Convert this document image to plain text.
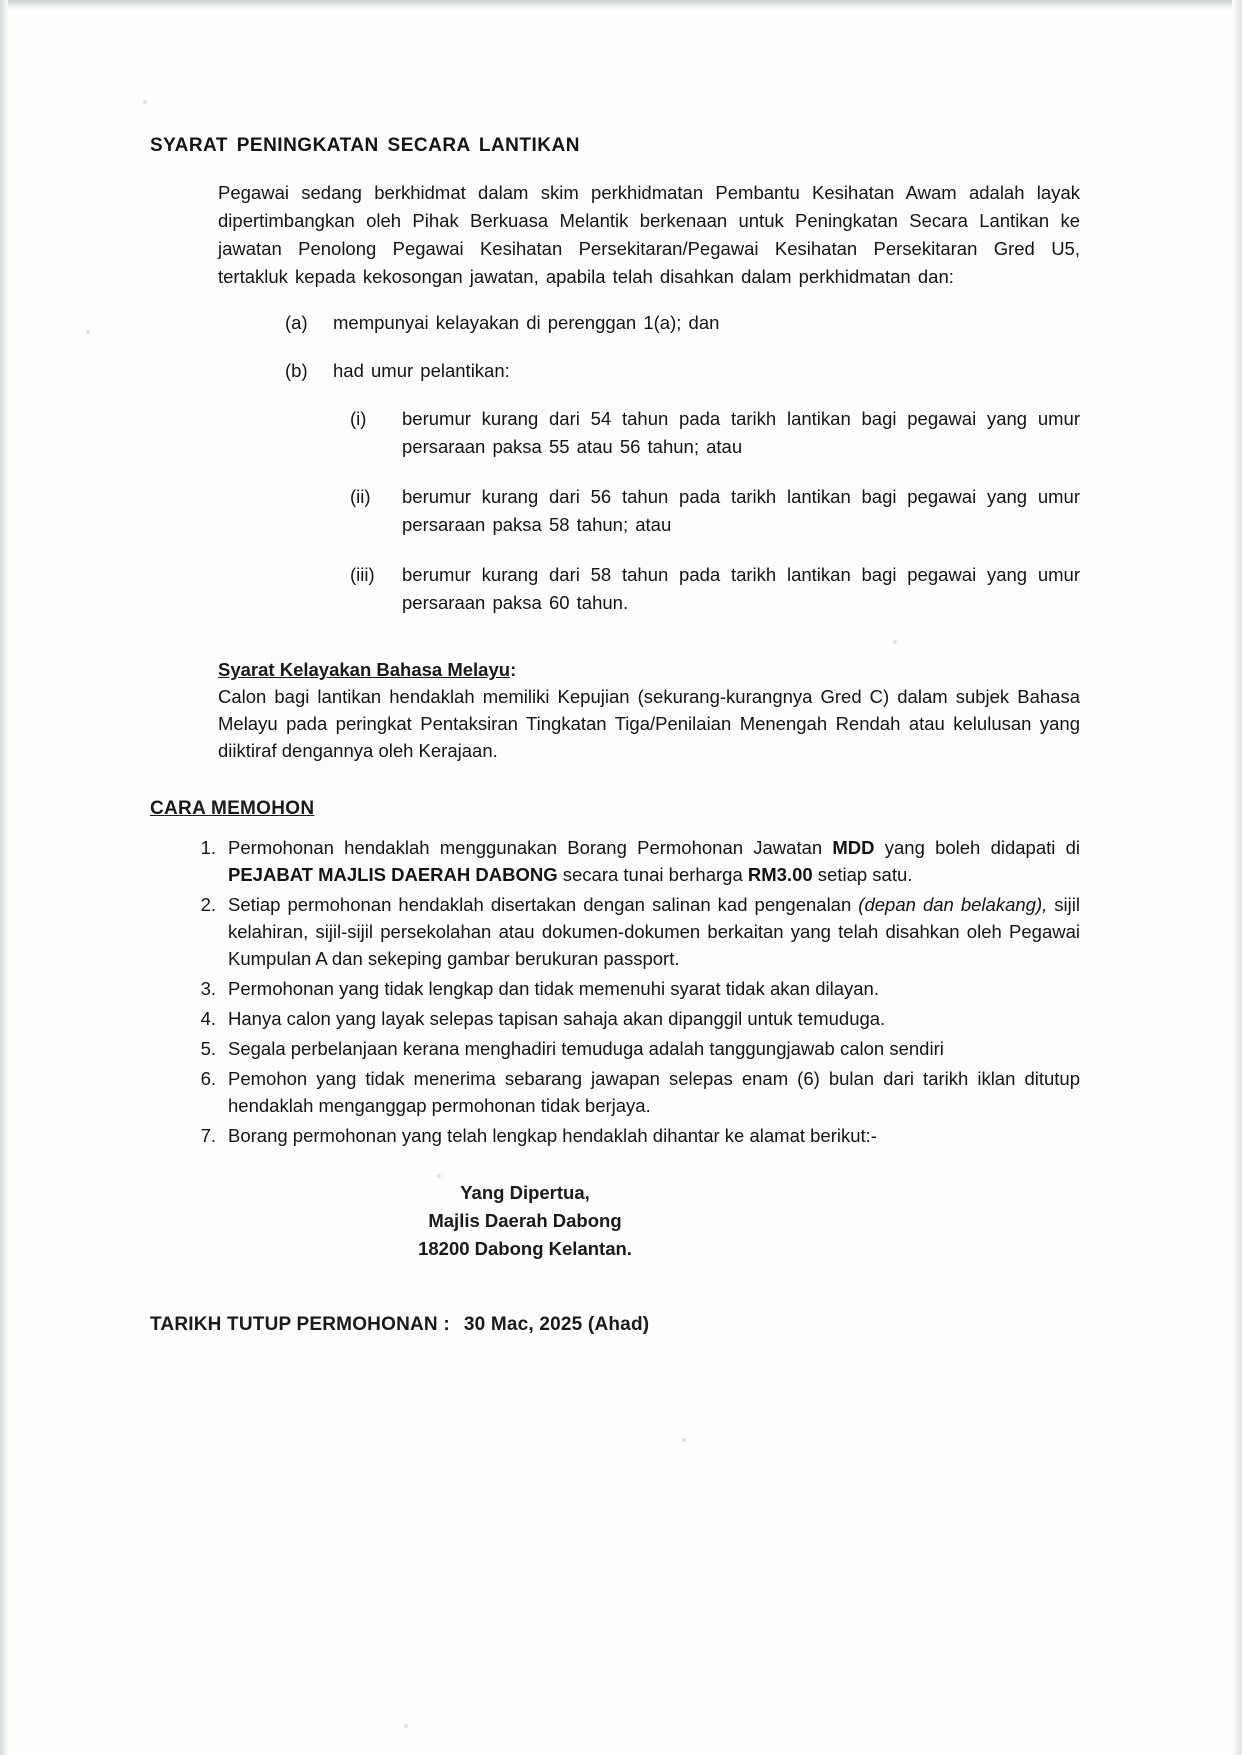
SYARAT PENINGKATAN SECARA LANTIKAN

Pegawai sedang berkhidmat dalam skim perkhidmatan Pembantu Kesihatan Awam adalah layak dipertimbangkan oleh Pihak Berkuasa Melantik berkenaan untuk Peningkatan Secara Lantikan ke jawatan Penolong Pegawai Kesihatan Persekitaran/Pegawai Kesihatan Persekitaran Gred U5, tertakluk kepada kekosongan jawatan, apabila telah disahkan dalam perkhidmatan dan:

(a)	mempunyai kelayakan di perenggan 1(a); dan
(b)	had umur pelantikan:
(i)	berumur kurang dari 54 tahun pada tarikh lantikan bagi pegawai yang umur persaraan paksa 55 atau 56 tahun; atau
(ii)	berumur kurang dari 56 tahun pada tarikh lantikan bagi pegawai yang umur persaraan paksa 58 tahun; atau
(iii)	berumur kurang dari 58 tahun pada tarikh lantikan bagi pegawai yang umur persaraan paksa 60 tahun.
Syarat Kelayakan Bahasa Melayu:

Calon bagi lantikan hendaklah memiliki Kepujian (sekurang-kurangnya Gred C) dalam subjek Bahasa Melayu pada peringkat Pentaksiran Tingkatan Tiga/Penilaian Menengah Rendah atau kelulusan yang diiktiraf dengannya oleh Kerajaan.

CARA MEMOHON
Permohonan hendaklah menggunakan Borang Permohonan Jawatan MDD yang boleh didapati di PEJABAT MAJLIS DAERAH DABONG secara tunai berharga RM3.00 setiap satu.
Setiap permohonan hendaklah disertakan dengan salinan kad pengenalan (depan dan belakang), sijil kelahiran, sijil-sijil persekolahan atau dokumen-dokumen berkaitan yang telah disahkan oleh Pegawai Kumpulan A dan sekeping gambar berukuran passport.
Permohonan yang tidak lengkap dan tidak memenuhi syarat tidak akan dilayan.
Hanya calon yang layak selepas tapisan sahaja akan dipanggil untuk temuduga.
Segala perbelanjaan kerana menghadiri temuduga adalah tanggungjawab calon sendiri
Pemohon yang tidak menerima sebarang jawapan selepas enam (6) bulan dari tarikh iklan ditutup hendaklah menganggap permohonan tidak berjaya.
Borang permohonan yang telah lengkap hendaklah dihantar ke alamat berikut:-
Yang Dipertua,
Majlis Daerah Dabong
18200 Dabong Kelantan.
TARIKH TUTUP PERMOHONAN : 30 Mac, 2025 (Ahad)
